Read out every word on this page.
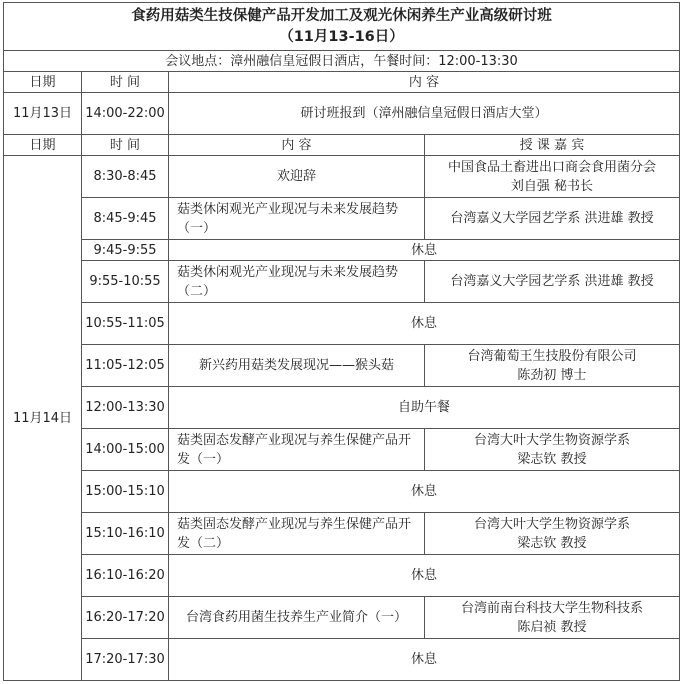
食药用菇类生技保健产品开发加工及观光休闲养生产业高级研讨班
（11月13-16日）			

会议地点：漳州融信皇冠假日酒店，午餐时间：12:00-13:30			
日期	时 间	内 容	
11月13日	14:00-22:00	研讨班报到（漳州融信皇冠假日酒店大堂）	
日期	时 间	内 容	授 课 嘉 宾
11月14日	8:30-8:45	欢迎辞	中国食品土畜进出口商会食用菌分会
刘自强 秘书长

	8:45-9:45	菇类休闲观光产业现况与未来发展趋势（一）	台湾嘉义大学园艺学系 洪进雄 教授

	9:45-9:55	休息	
	9:55-10:55	菇类休闲观光产业现况与未来发展趋势（二）	台湾嘉义大学园艺学系 洪进雄 教授

	10:55-11:05	休息	
	11:05-12:05	新兴药用菇类发展现况——猴头菇	台湾葡萄王生技股份有限公司
陈劲初 博士

	12:00-13:30	自助午餐	
	14:00-15:00	菇类固态发酵产业现况与养生保健产品开发（一）	台湾大叶大学生物资源学系
梁志钦 教授

	15:00-15:10	休息	
	15:10-16:10	菇类固态发酵产业现况与养生保健产品开发（二）	台湾大叶大学生物资源学系
梁志钦 教授

	16:10-16:20	休息	
	16:20-17:20	台湾食药用菌生技养生产业简介（一）	台湾前南台科技大学生物科技系
陈启祯 教授

	17:20-17:30	休息	
